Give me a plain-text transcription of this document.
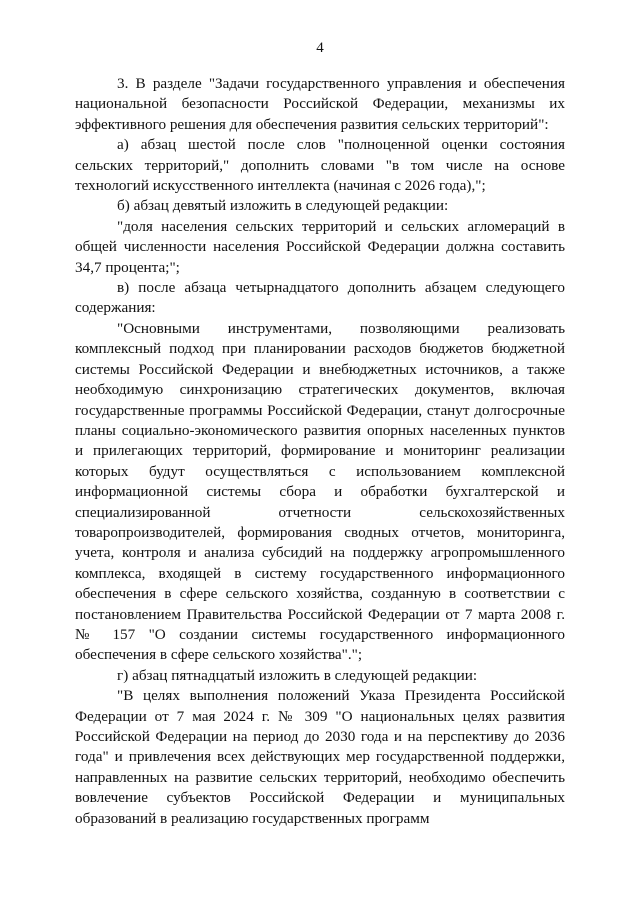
4

3. В разделе "Задачи государственного управления и обеспечения национальной безопасности Российской Федерации, механизмы их эффективного решения для обеспечения развития сельских территорий":

а) абзац шестой после слов "полноценной оценки состояния сельских территорий," дополнить словами "в том числе на основе технологий искусственного интеллекта (начиная с 2026 года),";

б) абзац девятый изложить в следующей редакции:

"доля населения сельских территорий и сельских агломераций в общей численности населения Российской Федерации должна составить 34,7 процента;";

в) после абзаца четырнадцатого дополнить абзацем следующего содержания:

"Основными инструментами, позволяющими реализовать комплексный подход при планировании расходов бюджетов бюджетной системы Российской Федерации и внебюджетных источников, а также необходимую синхронизацию стратегических документов, включая государственные программы Российской Федерации, станут долгосрочные планы социально-экономического развития опорных населенных пунктов и прилегающих территорий, формирование и мониторинг реализации которых будут осуществляться с использованием комплексной информационной системы сбора и обработки бухгалтерской и специализированной отчетности сельскохозяйственных товаропроизводителей, формирования сводных отчетов, мониторинга, учета, контроля и анализа субсидий на поддержку агропромышленного комплекса, входящей в систему государственного информационного обеспечения в сфере сельского хозяйства, созданную в соответствии с постановлением Правительства Российской Федерации от 7 марта 2008 г. № 157 "О создании системы государственного информационного обеспечения в сфере сельского хозяйства".";

г) абзац пятнадцатый изложить в следующей редакции:

"В целях выполнения положений Указа Президента Российской Федерации от 7 мая 2024 г. № 309 "О национальных целях развития Российской Федерации на период до 2030 года и на перспективу до 2036 года" и привлечения всех действующих мер государственной поддержки, направленных на развитие сельских территорий, необходимо обеспечить вовлечение субъектов Российской Федерации и муниципальных образований в реализацию государственных программ
